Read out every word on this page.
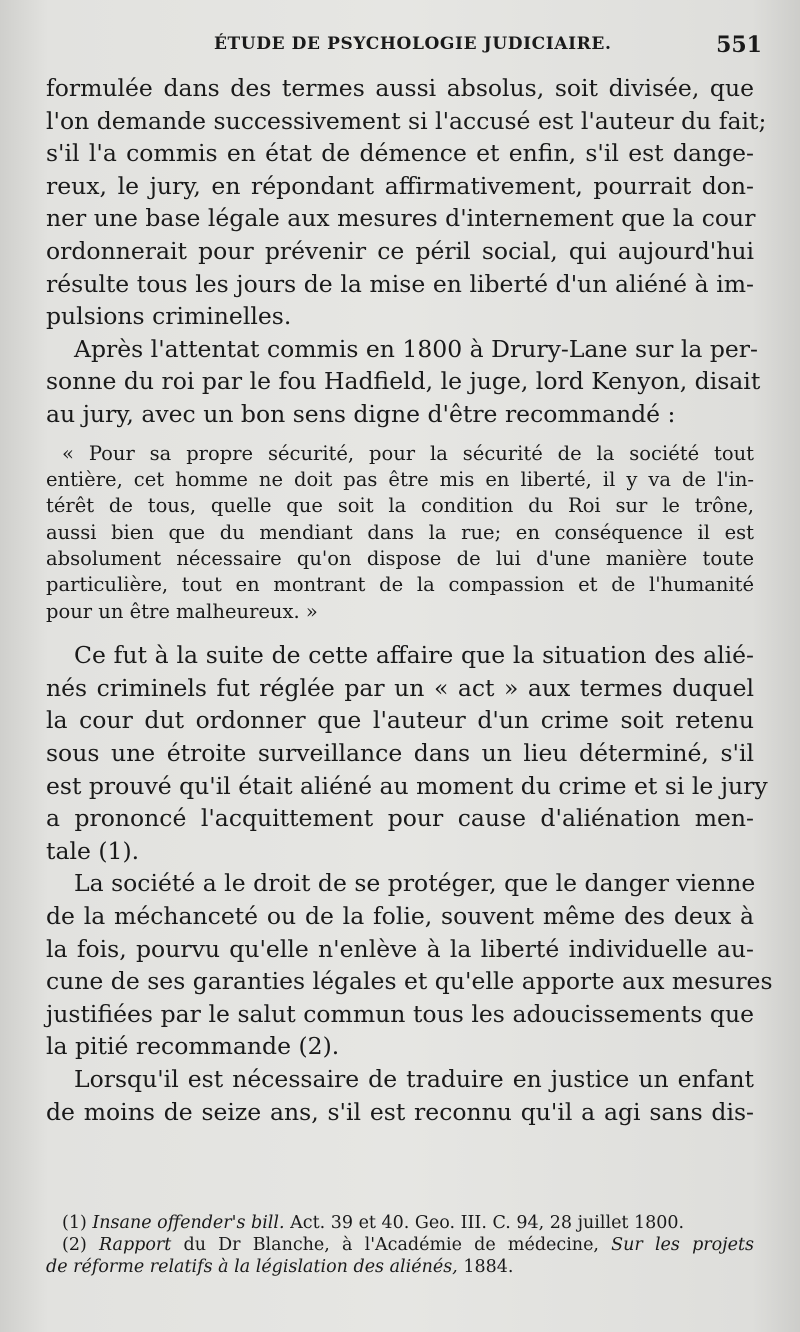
ÉTUDE DE PSYCHOLOGIE JUDICIAIRE.	551
formulée dans des termes aussi absolus, soit divisée, que
l'on demande successivement si l'accusé est l'auteur du fait;
s'il l'a commis en état de démence et enfin, s'il est dange-
reux, le jury, en répondant affirmativement, pourrait don-
ner une base légale aux mesures d'internement que la cour
ordonnerait pour prévenir ce péril social, qui aujourd'hui
résulte tous les jours de la mise en liberté d'un aliéné à im-
pulsions criminelles.
Après l'attentat commis en 1800 à Drury-Lane sur la per-
sonne du roi par le fou Hadfield, le juge, lord Kenyon, disait
au jury, avec un bon sens digne d'être recommandé :
« Pour sa propre sécurité, pour la sécurité de la société tout
entière, cet homme ne doit pas être mis en liberté, il y va de l'in-
térêt de tous, quelle que soit la condition du Roi sur le trône,
aussi bien que du mendiant dans la rue; en conséquence il est
absolument nécessaire qu'on dispose de lui d'une manière toute
particulière, tout en montrant de la compassion et de l'humanité
pour un être malheureux. »
Ce fut à la suite de cette affaire que la situation des alié-
nés criminels fut réglée par un « act » aux termes duquel
la cour dut ordonner que l'auteur d'un crime soit retenu
sous une étroite surveillance dans un lieu déterminé, s'il
est prouvé qu'il était aliéné au moment du crime et si le jury
a prononcé l'acquittement pour cause d'aliénation men-
tale (1).
La société a le droit de se protéger, que le danger vienne
de la méchanceté ou de la folie, souvent même des deux à
la fois, pourvu qu'elle n'enlève à la liberté individuelle au-
cune de ses garanties légales et qu'elle apporte aux mesures
justifiées par le salut commun tous les adoucissements que
la pitié recommande (2).
Lorsqu'il est nécessaire de traduire en justice un enfant
de moins de seize ans, s'il est reconnu qu'il a agi sans dis-
(1) Insane offender's bill. Act. 39 et 40. Geo. III. C. 94, 28 juillet 1800.
(2) Rapport du Dr Blanche, à l'Académie de médecine, Sur les projets
de réforme relatifs à la législation des aliénés, 1884.
